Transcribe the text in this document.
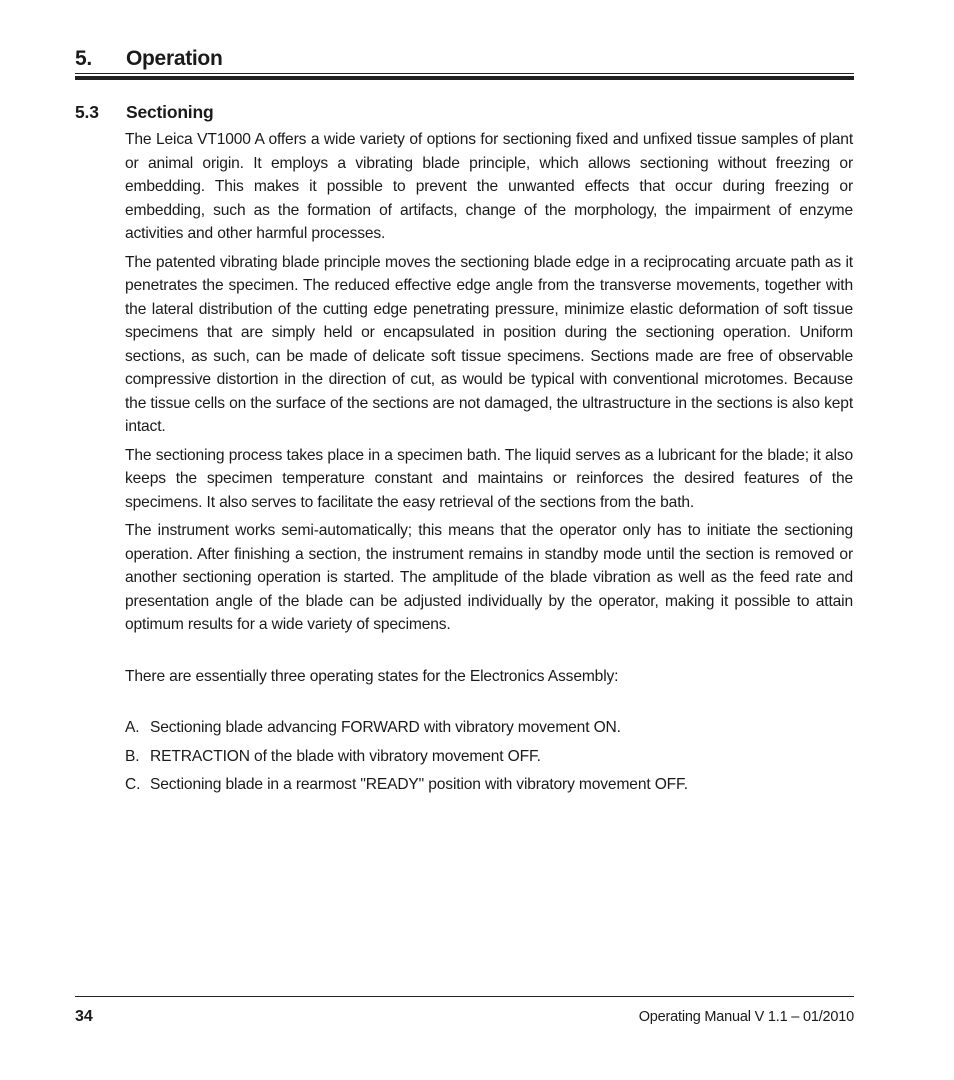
5. Operation
5.3 Sectioning

The Leica VT1000 A offers a wide variety of options for sectioning fixed and unfixed tissue samples of plant or animal origin. It employs a vibrating blade principle, which allows sectioning without freezing or embedding. This makes it possible to prevent the unwanted effects that occur during freezing or embedding, such as the formation of artifacts, change of the morphology, the impairment of enzyme activities and other harmful processes.

The patented vibrating blade principle moves the sectioning blade edge in a reciprocating arcuate path as it penetrates the specimen. The reduced effective edge angle from the transverse movements, together with the lateral distribution of the cutting edge penetrating pressure, minimize elastic deformation of soft tissue specimens that are simply held or encapsulated in position during the sectioning operation. Uniform sections, as such, can be made of delicate soft tissue specimens. Sections made are free of observable compressive distortion in the direction of cut, as would be typical with conventional microtomes. Because the tissue cells on the surface of the sections are not damaged, the ultrastructure in the sections is also kept intact.

The sectioning process takes place in a specimen bath. The liquid serves as a lubricant for the blade; it also keeps the specimen temperature constant and maintains or reinforces the desired features of the specimens. It also serves to facilitate the easy retrieval of the sections from the bath.

The instrument works semi-automatically; this means that the operator only has to initiate the sectioning operation. After finishing a section, the instrument remains in standby mode until the section is removed or another sectioning operation is started. The amplitude of the blade vibration as well as the feed rate and presentation angle of the blade can be adjusted individually by the operator, making it possible to attain optimum results for a wide variety of specimens.

There are essentially three operating states for the Electronics Assembly:

A. Sectioning blade advancing FORWARD with vibratory movement ON.
B. RETRACTION of the blade with vibratory movement OFF.
C. Sectioning blade in a rearmost "READY" position with vibratory movement OFF.
34	Operating Manual V 1.1 – 01/2010
